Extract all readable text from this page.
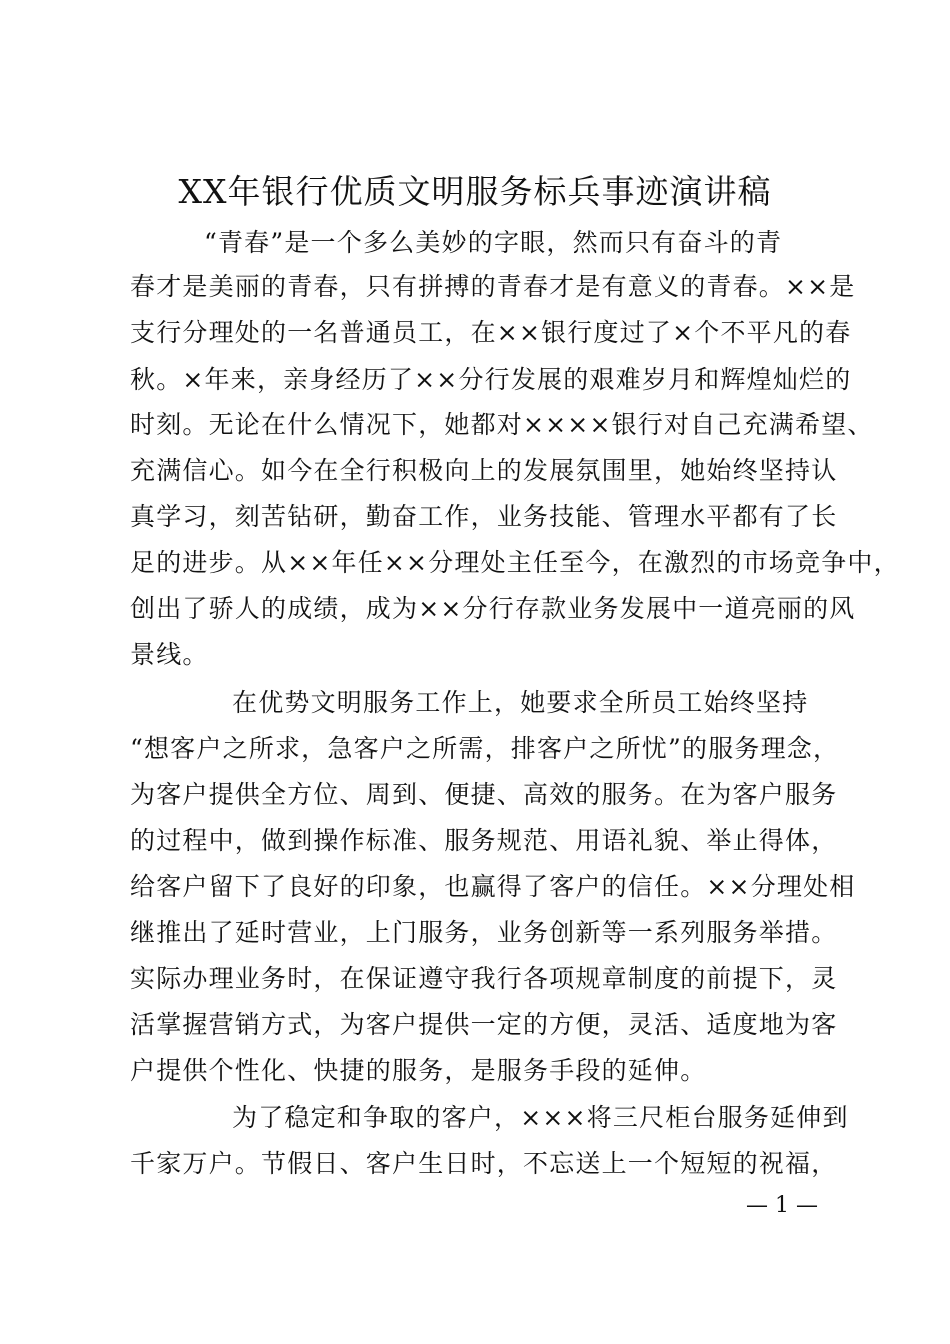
XX年银行优质文明服务标兵事迹演讲稿
“青春”是一个多么美妙的字眼，然而只有奋斗的青
春才是美丽的青春，只有拼搏的青春才是有意义的青春。××是
支行分理处的一名普通员工，在××银行度过了×个不平凡的春
秋。×年来，亲身经历了××分行发展的艰难岁月和辉煌灿烂的
时刻。无论在什么情况下，她都对××××银行对自己充满希望、
充满信心。如今在全行积极向上的发展氛围里，她始终坚持认
真学习，刻苦钻研，勤奋工作，业务技能、管理水平都有了长
足的进步。从××年任××分理处主任至今，在激烈的市场竞争中，
创出了骄人的成绩，成为××分行存款业务发展中一道亮丽的风
景线。
在优势文明服务工作上，她要求全所员工始终坚持
“想客户之所求，急客户之所需，排客户之所忧”的服务理念，
为客户提供全方位、周到、便捷、高效的服务。在为客户服务
的过程中，做到操作标准、服务规范、用语礼貌、举止得体，
给客户留下了良好的印象，也赢得了客户的信任。××分理处相
继推出了延时营业，上门服务，业务创新等一系列服务举措。
实际办理业务时，在保证遵守我行各项规章制度的前提下，灵
活掌握营销方式，为客户提供一定的方便，灵活、适度地为客
户提供个性化、快捷的服务，是服务手段的延伸。
为了稳定和争取的客户，×××将三尺柜台服务延伸到
千家万户。节假日、客户生日时，不忘送上一个短短的祝福，
— 1 —
